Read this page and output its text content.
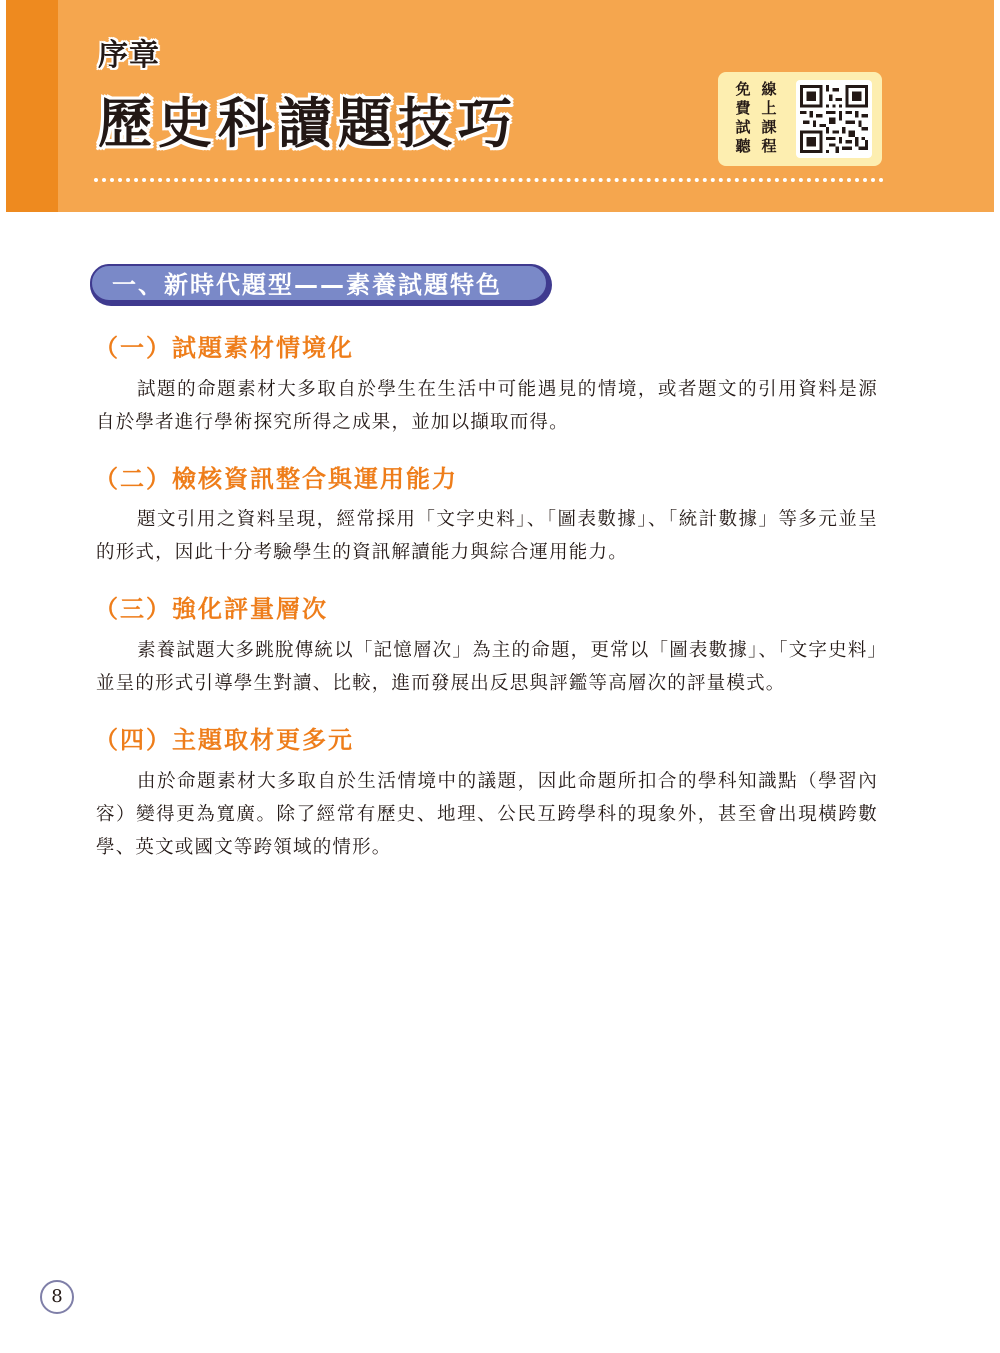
序章
歷史科讀題技巧
免
費
試
聽
線
上
課
程
一、新時代題型——素養試題特色
（一）試題素材情境化
試題的命題素材大多取自於學生在生活中可能遇見的情境，或者題文的引用資料是源自於學者進行學術探究所得之成果，並加以擷取而得。
（二）檢核資訊整合與運用能力
題文引用之資料呈現，經常採用「文字史料」、「圖表數據」、「統計數據」等多元並呈的形式，因此十分考驗學生的資訊解讀能力與綜合運用能力。
（三）強化評量層次
素養試題大多跳脫傳統以「記憶層次」為主的命題，更常以「圖表數據」、「文字史料」並呈的形式引導學生對讀、比較，進而發展出反思與評鑑等高層次的評量模式。
（四）主題取材更多元
由於命題素材大多取自於生活情境中的議題，因此命題所扣合的學科知識點（學習內容）變得更為寬廣。除了經常有歷史、地理、公民互跨學科的現象外，甚至會出現橫跨數學、英文或國文等跨領域的情形。
8
